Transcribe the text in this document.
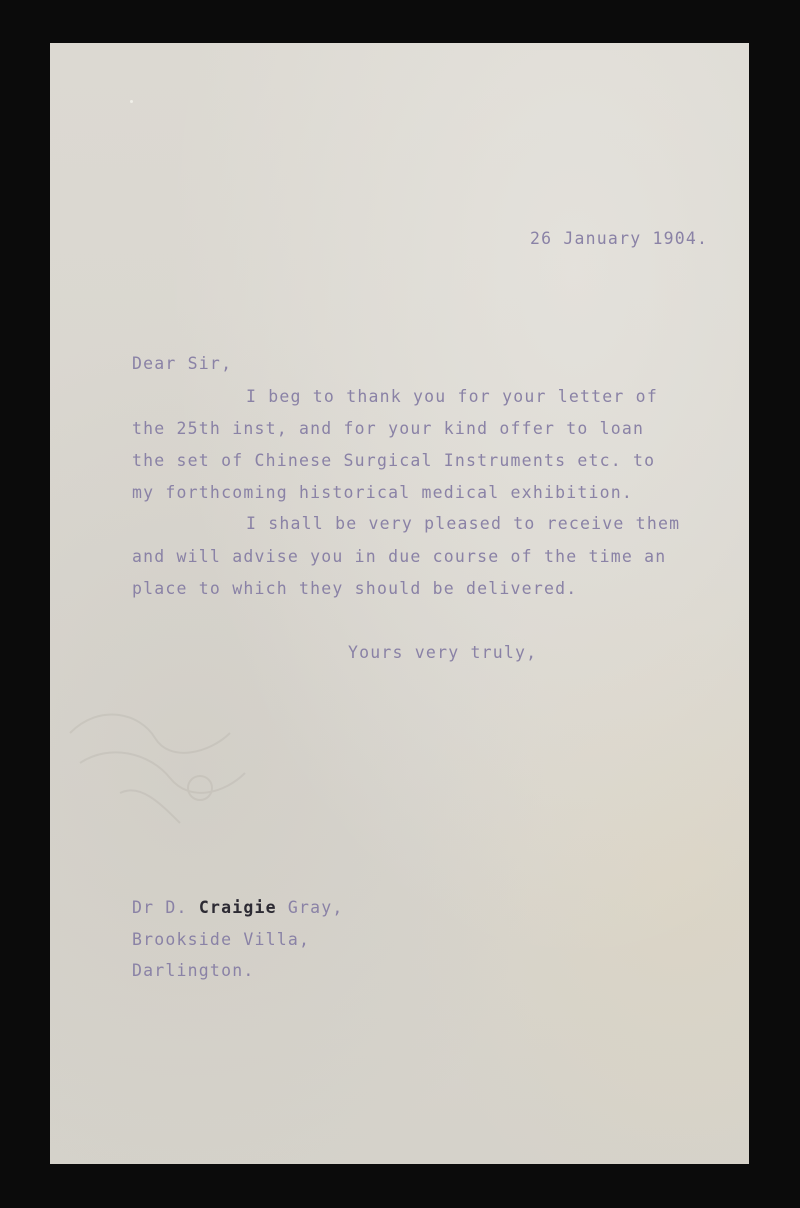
26 January 1904.
Dear Sir,
I beg to thank you for your letter of
the 25th inst, and for your kind offer to loan
the set of Chinese Surgical Instruments etc. to
my forthcoming historical medical exhibition.
I shall be very pleased to receive them
and will advise you in due course of the time an
place to which they should be delivered.
Yours very truly,
Dr D. Craigie Gray,
Brookside Villa,
Darlington.
